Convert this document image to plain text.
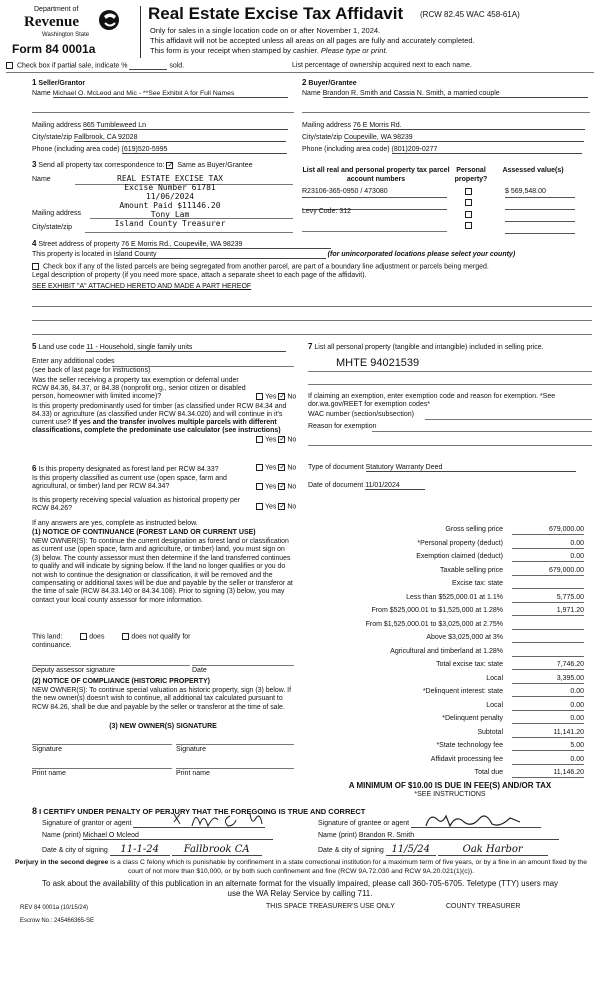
Department of
Revenue
Washington State
Form 84 0001a
Real Estate Excise Tax Affidavit (RCW 82.45 WAC 458-61A)
Only for sales in a single location code on or after November 1, 2024.
This affidavit will not be accepted unless all areas on all pages are fully and accurately completed.
This form is your receipt when stamped by cashier. Please type or print.
Check box if partial sale, indicate %	sold.	List percentage of ownership acquired next to each name.
1 Seller/Grantor
Name Michael O. McLeod and Mic - **See Exhibit A for Full Names
Mailing address 865 Tumbleweed Ln
City/state/zip Fallbrook, CA 92028
Phone (including area code) (619)520-5995
2 Buyer/Grantee
Name Brandon R. Smith and Cassia N. Smith, a married couple
Mailing address 76 E Morris Rd.
City/state/zip Coupeville, WA 98239
Phone (including area code) (801)209-0277
3 Send all property tax correspondence to: ✓ Same as Buyer/Grantee
Name
Mailing address
City/state/zip
REAL ESTATE EXCISE TAX
Excise Number 61781
11/06/2024
Amount Paid $11146.20
Tony Lam
Island County Treasurer
List all real and personal property tax parcel account numbers
Personal property?
Assessed value(s)
R23106-365-0950 / 473080	$ 569,548.00
Levy Code: 312
4 Street address of property 76 E Morris Rd., Coupeville, WA 98239
This property is located in Island County	(for unincorporated locations please select your county)
Check box if any of the listed parcels are being segregated from another parcel, are part of a boundary line adjustment or parcels being merged.
Legal description of property (if you need more space, attach a separate sheet to each page of the affidavit).
SEE EXHIBIT "A" ATTACHED HERETO AND MADE A PART HEREOF
5 Land use code 11 - Household, single family units
Enter any additional codes
(see back of last page for instructions)
Was the seller receiving a property tax exemption or deferral under RCW 84.36, 84.37, or 84.38 (nonprofit org., senior citizen or disabled person, homeowner with limited income)?	Yes ✓ No
Is this property predominantly used for timber (as classified under RCW 84.34 and 84.33) or agriculture (as classified under RCW 84.34.020) and will continue in it's current use? If yes and the transfer involves multiple parcels with different classifications, complete the predominate use calculator (see instructions)
Yes ✓ No
7 List all personal property (tangible and intangible) included in selling price.
MHTE 94021539
If claiming an exemption, enter exemption code and reason for exemption. *See dor.wa.gov/REET for exemption codes*
WAC number (section/subsection)
Reason for exemption
6 Is this property designated as forest land per RCW 84.33?	Yes ✓ No
Is this property classified as current use (open space, farm and agricultural, or timber) land per RCW 84.34?	Yes ✓ No
Is this property receiving special valuation as historical property per RCW 84.26?	Yes ✓ No
If any answers are yes, complete as instructed below.
(1) NOTICE OF CONTINUANCE (FOREST LAND OR CURRENT USE)
NEW OWNER(S): To continue the current designation as forest land or classification as current use (open space, farm and agriculture, or timber) land, you must sign on (3) below. The county assessor must then determine if the land transferred continues to qualify and will indicate by signing below. If the land no longer qualifies or you do not wish to continue the designation or classification, it will be removed and the compensating or additional taxes will be due and payable by the seller or transferor at the time of sale (RCW 84.33.140 or 84.34.108). Prior to signing (3) below, you may contact your local county assessor for more information.
This land:	does	does not qualify for
continuance.
Deputy assessor signature	Date
(2) NOTICE OF COMPLIANCE (HISTORIC PROPERTY)
NEW OWNER(S): To continue special valuation as historic property, sign (3) below. If the new owner(s) doesn't wish to continue, all additional tax calculated pursuant to RCW 84.26, shall be due and payable by the seller or transferor at the time of sale.
(3) NEW OWNER(S) SIGNATURE
Signature	Signature
Print name	Print name
Type of document Statutory Warranty Deed
Date of document 11/01/2024
Gross selling price	679,000.00
*Personal property (deduct)	0.00
Exemption claimed (deduct)	0.00
Taxable selling price	679,000.00
Excise tax: state
Less than $525,000.01 at 1.1%	5,775.00
From $525,000.01 to $1,525,000 at 1.28%	1,971.20
From $1,525,000.01 to $3,025,000 at 2.75%
Above $3,025,000 at 3%
Agricultural and timberland at 1.28%
Total excise tax: state	7,746.20
Local	3,395.00
*Delinquent interest: state	0.00
Local	0.00
*Delinquent penalty	0.00
Subtotal	11,141.20
*State technology fee	5.00
Affidavit processing fee	0.00
Total due	11,146.20
A MINIMUM OF $10.00 IS DUE IN FEE(S) AND/OR TAX
*SEE INSTRUCTIONS
8 I CERTIFY UNDER PENALTY OF PERJURY THAT THE FOREGOING IS TRUE AND CORRECT
Signature of grantor or agent
Name (print) Michael O Mcleod
Date & city of signing 11-1-24 Fallbrook CA
Signature of grantee or agent
Name (print) Brandon R. Smith
Date & city of signing 11/5/24	Oak Harbor
Perjury in the second degree is a class C felony which is punishable by confinement in a state correctional institution for a maximum term of five years, or by a fine in an amount fixed by the court of not more than $10,000, or by both such confinement and fine (RCW 9A.72.030 and RCW 9A.20.021(1)(c)).
To ask about the availability of this publication in an alternate format for the visually impaired, please call 360-705-6705. Teletype (TTY) users may use the WA Relay Service by calling 711.
REV 84 0001a (10/15/24)	THIS SPACE TREASURER'S USE ONLY	COUNTY TREASURER
Escrow No.: 245466365-SE
